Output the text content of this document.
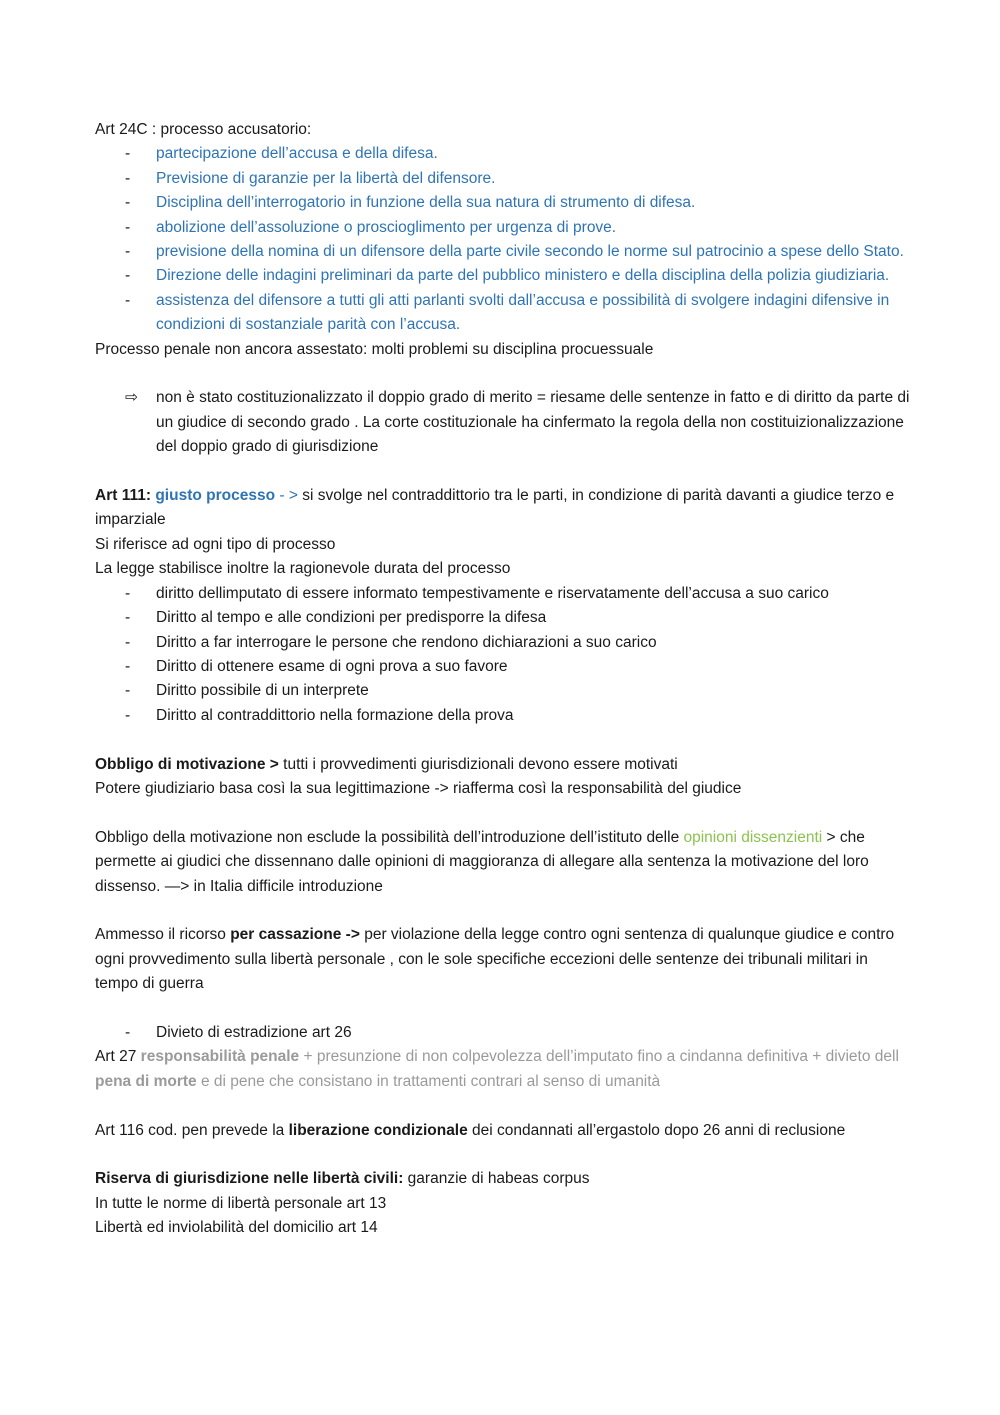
Art 24C : processo accusatorio:
- partecipazione dell’accusa e della difesa.
- Previsione di garanzie per la libertà del difensore.
- Disciplina dell’interrogatorio in funzione della sua natura di strumento di difesa.
- abolizione dell’assoluzione o proscioglimento per urgenza di prove.
- previsione della nomina di un difensore della parte civile secondo le norme sul patrocinio a spese dello Stato.
- Direzione delle indagini preliminari da parte del pubblico ministero e della disciplina della polizia giudiziaria.
- assistenza del difensore a tutti gli atti parlanti svolti dall’accusa e possibilità di svolgere indagini difensive in condizioni di sostanziale parità con l’accusa.
Processo penale non ancora assestato: molti problemi su disciplina procuessuale
⇨ non è stato costituzionalizzato il doppio grado di merito = riesame delle sentenze in fatto e di diritto da parte di un giudice di secondo grado . La corte costituzionale ha cinfermato la regola della non costituizionalizzazione del doppio grado di giurisdizione
Art 111: giusto processo - > si svolge nel contraddittorio tra le parti, in condizione di parità davanti a giudice terzo e imparziale
Si riferisce ad ogni tipo di processo
La legge stabilisce inoltre la ragionevole durata del processo
- diritto dellimputato di essere informato tempestivamente e riservatamente dell’accusa a suo carico
- Diritto al tempo e alle condizioni per predisporre la difesa
- Diritto a far interrogare le persone che rendono dichiarazioni a suo carico
- Diritto di ottenere esame di ogni prova a suo favore
- Diritto possibile di un interprete
- Diritto al contraddittorio nella formazione della prova
Obbligo di motivazione > tutti i provvedimenti giurisdizionali devono essere motivati
Potere giudiziario basa così la sua legittimazione -> riafferma così la responsabilità del giudice
Obbligo della motivazione non esclude la possibilità dell’introduzione dell’istituto delle opinioni dissenzienti > che permette ai giudici che dissennano dalle opinioni di maggioranza di allegare alla sentenza la motivazione del loro dissenso. —> in Italia difficile introduzione
Ammesso il ricorso per cassazione -> per violazione della legge contro ogni sentenza di qualunque giudice e contro ogni provvedimento sulla libertà personale , con le sole specifiche eccezioni delle sentenze dei tribunali militari in tempo di guerra
- Divieto di estradizione art 26
Art 27 responsabilità penale + presunzione di non colpevolezza dell’imputato fino a cindanna definitiva + divieto dell pena di morte e di pene che consistano in trattamenti contrari al senso di umanità
Art 116 cod. pen prevede la liberazione condizionale dei condannati all’ergastolo dopo 26 anni di reclusione
Riserva di giurisdizione nelle libertà civili: garanzie di habeas corpus
In tutte le norme di libertà personale art 13
Libertà ed inviolabilità del domicilio art 14
